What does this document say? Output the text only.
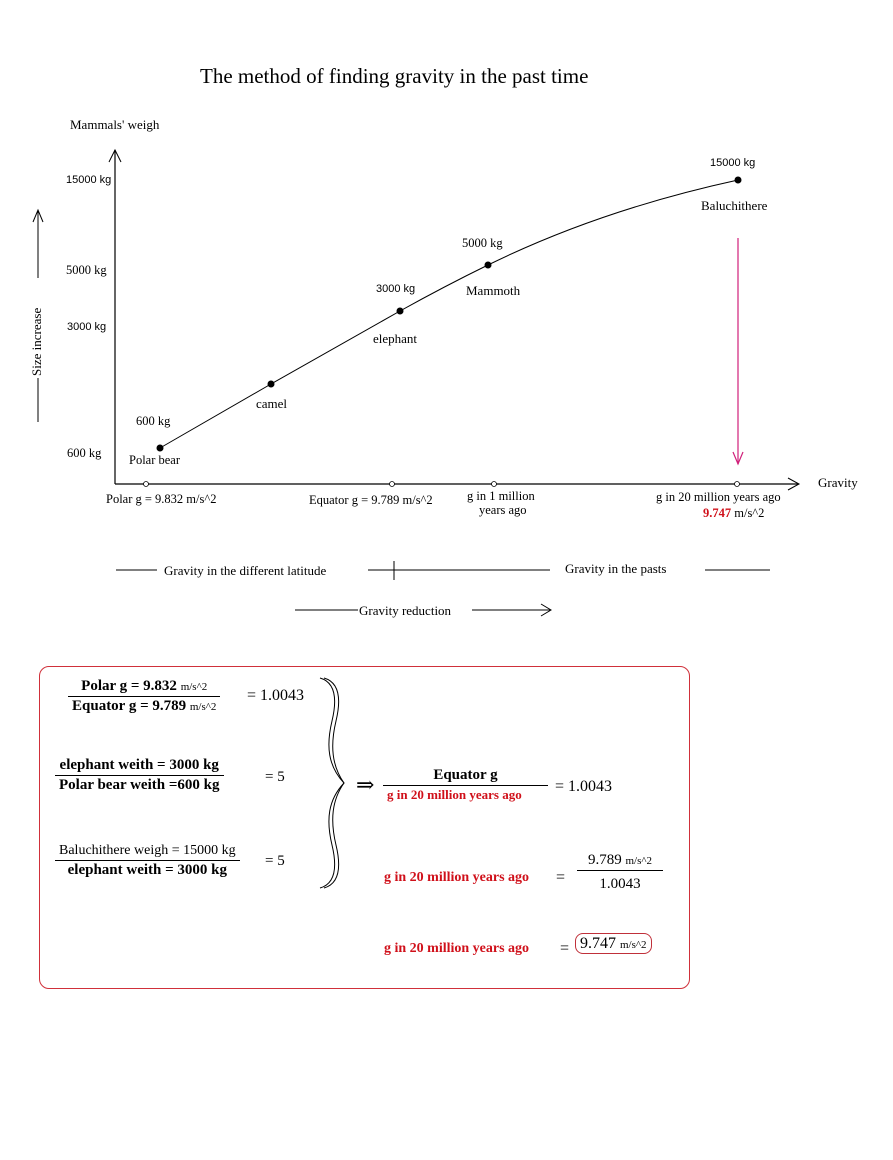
The method of finding gravity in the past time
Mammals' weigh
Gravity
Size increase
15000 kg
5000 kg
3000 kg
600 kg
600 kg
Polar bear
camel
3000 kg
elephant
5000 kg
Mammoth
15000 kg
Baluchithere
Polar g = 9.832 m/s^2	Equator g = 9.789 m/s^2	g in 1 million
years ago
g in 20 million years ago
9.747 m/s^2
Gravity in the different latitude	Gravity in the pasts
Gravity reduction
Polar g = 9.832 m/s^2
Equator g = 9.789 m/s^2
= 1.0043
elephant weith = 3000 kg
Polar bear weith =600 kg	= 5
Baluchithere weigh = 15000 kg
elephant weith = 3000 kg
= 5
⇒	Equator g
g in 20 million years ago	= 1.0043
g in 20 million years ago = $\frac{9.789 m/s\^{}2}{1.0043}$
g in 20 million years ago = 9.747 m/s^2
